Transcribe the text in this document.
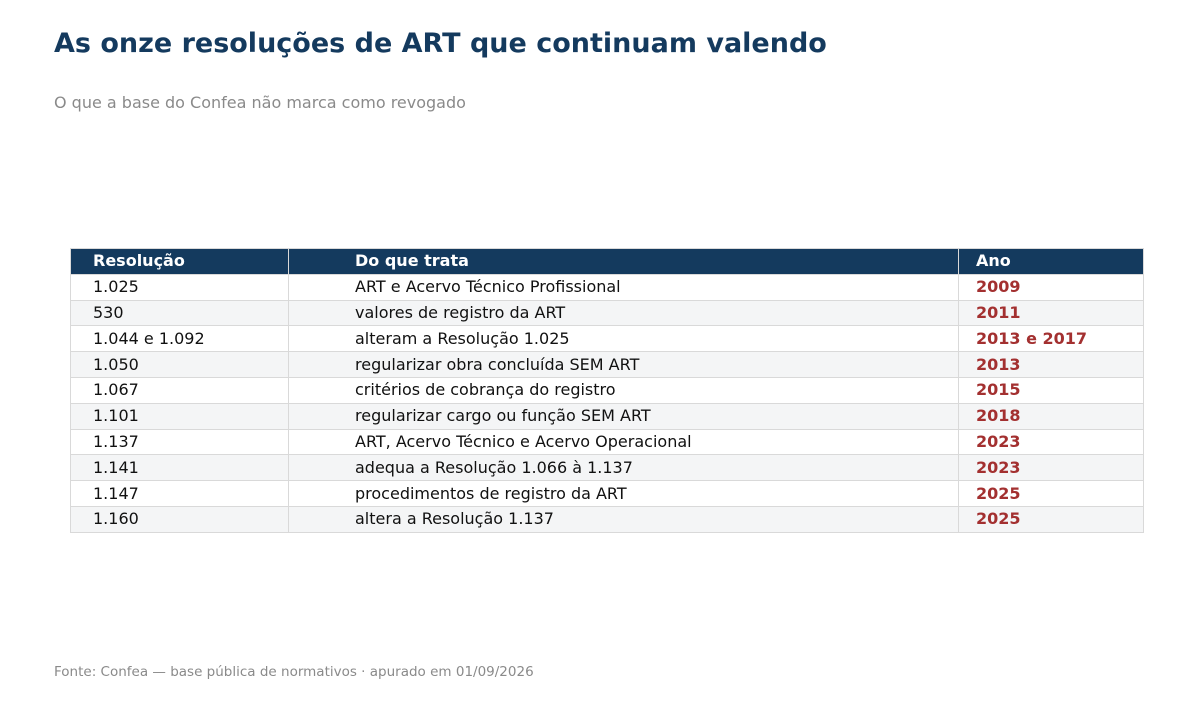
As onze resoluções de ART que continuam valendo

O que a base do Confea não marca como revogado

Resolução	Do que trata	Ano
1.025	ART e Acervo Técnico Profissional	2009
530	valores de registro da ART	2011
1.044 e 1.092	alteram a Resolução 1.025	2013 e 2017
1.050	regularizar obra concluída SEM ART	2013
1.067	critérios de cobrança do registro	2015
1.101	regularizar cargo ou função SEM ART	2018
1.137	ART, Acervo Técnico e Acervo Operacional	2023
1.141	adequa a Resolução 1.066 à 1.137	2023
1.147	procedimentos de registro da ART	2025
1.160	altera a Resolução 1.137	2025

Fonte: Confea — base pública de normativos · apurado em 01/09/2026
